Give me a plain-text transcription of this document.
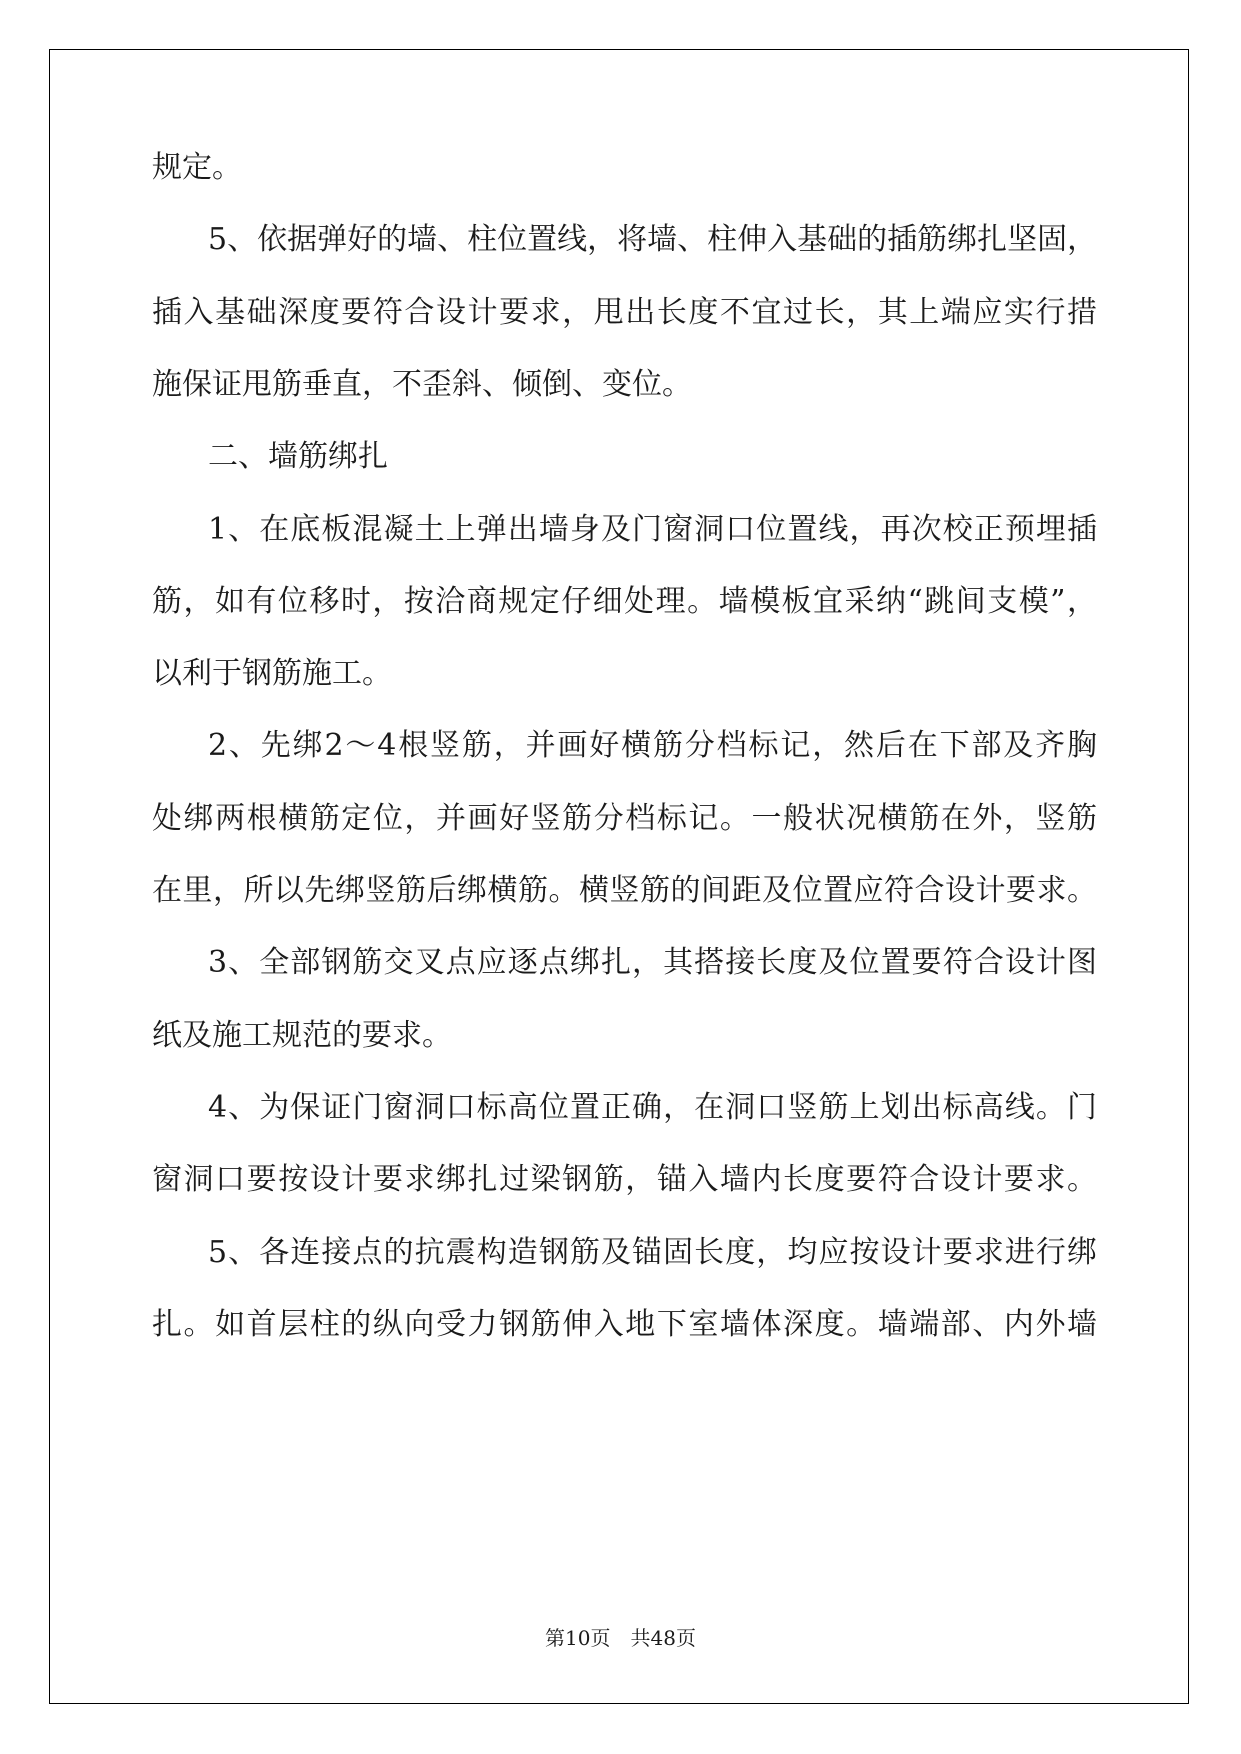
规定。
5、依据弹好的墙、柱位置线，将墙、柱伸入基础的插筋绑扎坚固，
插入基础深度要符合设计要求，甩出长度不宜过长，其上端应实行措
施保证甩筋垂直，不歪斜、倾倒、变位。
二、墙筋绑扎
1、在底板混凝土上弹出墙身及门窗洞口位置线，再次校正预埋插
筋，如有位移时，按洽商规定仔细处理。墙模板宜采纳“跳间支模”，
以利于钢筋施工。
2、先绑2～4根竖筋，并画好横筋分档标记，然后在下部及齐胸
处绑两根横筋定位，并画好竖筋分档标记。一般状况横筋在外，竖筋
在里，所以先绑竖筋后绑横筋。横竖筋的间距及位置应符合设计要求。
3、全部钢筋交叉点应逐点绑扎，其搭接长度及位置要符合设计图
纸及施工规范的要求。
4、为保证门窗洞口标高位置正确，在洞口竖筋上划出标高线。门
窗洞口要按设计要求绑扎过梁钢筋，锚入墙内长度要符合设计要求。
5、各连接点的抗震构造钢筋及锚固长度，均应按设计要求进行绑
扎。如首层柱的纵向受力钢筋伸入地下室墙体深度。墙端部、内外墙
第10页　共48页
